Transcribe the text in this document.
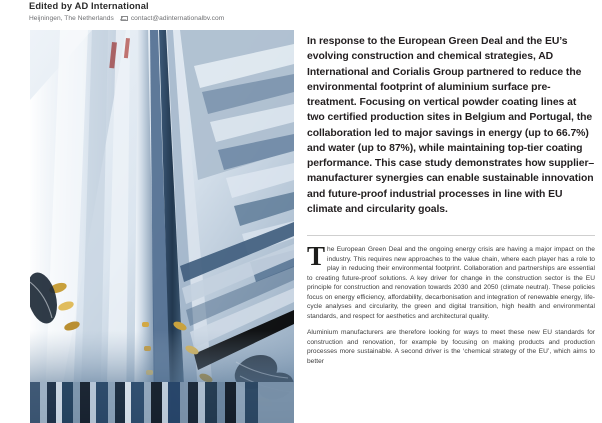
Edited by AD International
Heijningen, The Netherlands	contact@adinternationalbv.com

In response to the European Green Deal and the EU’s evolving construction and chemical strategies, AD International and Corialis Group partnered to reduce the environmental footprint of aluminium surface pre-treatment. Focusing on vertical powder coating lines at two certified production sites in Belgium and Portugal, the collaboration led to major savings in energy (up to 66.7%) and water (up to 87%), while maintaining top-tier coating performance. This case study demonstrates how supplier–manufacturer synergies can enable sustainable innovation and future-proof industrial processes in line with EU climate and circularity goals.

The European Green Deal and the ongoing energy crisis are having a major impact on the industry. This requires new approaches to the value chain, where each player has a role to play in reducing their environmental footprint. Collaboration and partnerships are essential to creating future-proof solutions. A key driver for change in the construction sector is the EU principle for construction and renovation towards 2030 and 2050 (climate neutral). These policies focus on energy efficiency, affordability, decarbonisation and integration of renewable energy, life-cycle analyses and circularity, the green and digital transition, high health and environmental standards, and respect for aesthetics and architectural quality.

Aluminium manufacturers are therefore looking for ways to meet these new EU standards for construction and renovation, for example by focusing on making products and production processes more sustainable. A second driver is the ‘chemical strategy of the EU’, which aims to better
